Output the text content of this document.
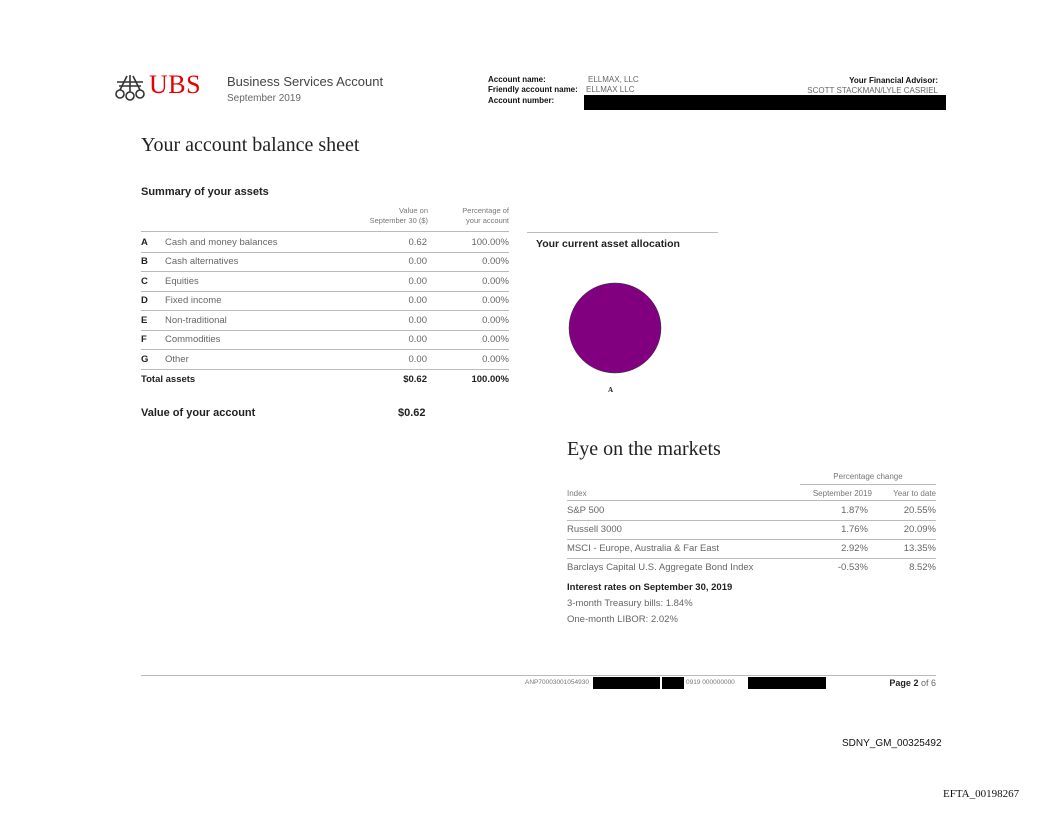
UBS Business Services Account
September 2019
Account name:	ELLMAX, LLC
Friendly account name: ELLMAX LLC
Account number:
Your Financial Advisor:
SCOTT STACKMAN/LYLE CASRIEL
Your account balance sheet
Summary of your assets
Value on
September 30 ($)
Percentage of
your account
A Cash and money balances	0.62	100.00%
B Cash alternatives	0.00	0.00%
C Equities	0.00	0.00%
D Fixed income	0.00	0.00%
E Non-traditional	0.00	0.00%
F Commodities	0.00	0.00%
G Other	0.00	0.00%
Total assets	$0.62	100.00%
Value of your account	$0.62
Your current asset allocation
A
Eye on the markets
Percentage change
Index	September 2019	Year to date
S&P 500	1.87%	20.55%
Russell 3000	1.76%	20.09%
MSCI - Europe, Australia & Far East	2.92%	13.35%
Barclays Capital U.S. Aggregate Bond Index	-0.53%	8.52%
Interest rates on September 30, 2019
3-month Treasury bills: 1.84%
One-month LIBOR: 2.02%
ANP70003001054930	0919 000000000	Page 2 of 6
SDNY_GM_00325492
EFTA_00198267
